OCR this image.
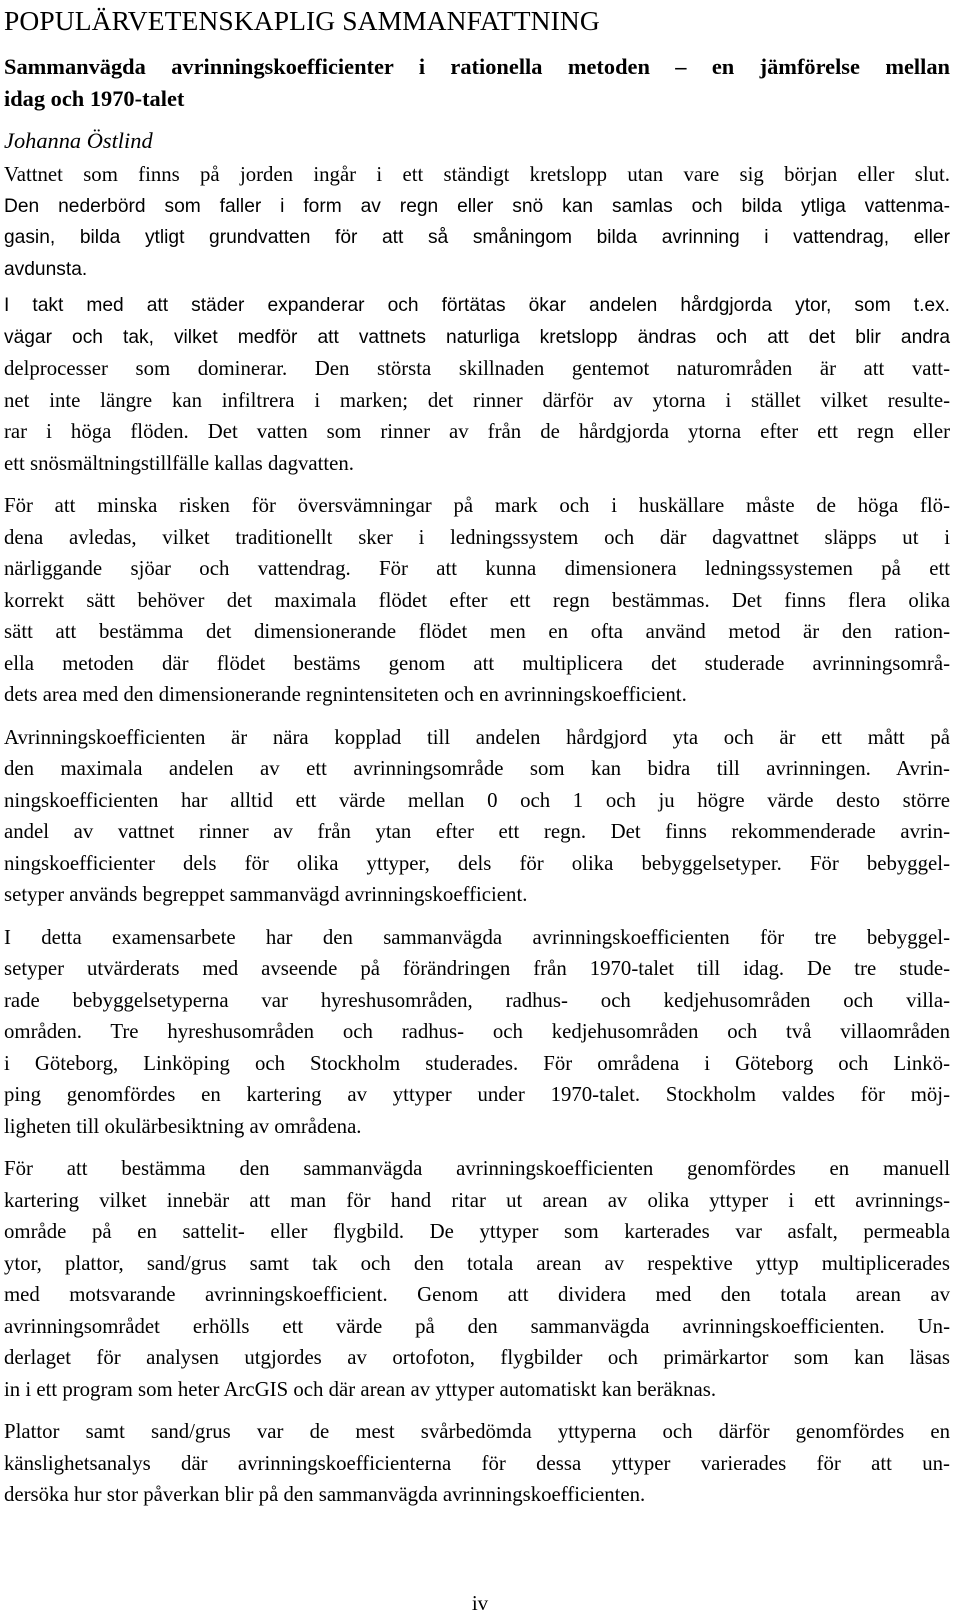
POPULÄRVETENSKAPLIG SAMMANFATTNING
Sammanvägda avrinningskoefficienter i rationella metoden – en jämförelse mellan
idag och 1970-talet
Johanna Östlind

Vattnet som finns på jorden ingår i ett ständigt kretslopp utan vare sig början eller slut.
Den nederbörd som faller i form av regn eller snö kan samlas och bilda ytliga vattenma-
gasin, bilda ytligt grundvatten för att så småningom bilda avrinning i vattendrag, eller
avdunsta.

I takt med att städer expanderar och förtätas ökar andelen hårdgjorda ytor, som t.ex.
vägar och tak, vilket medför att vattnets naturliga kretslopp ändras och att det blir andra
delprocesser som dominerar. Den största skillnaden gentemot naturområden är att vatt-
net inte längre kan infiltrera i marken; det rinner därför av ytorna i stället vilket resulte-
rar i höga flöden. Det vatten som rinner av från de hårdgjorda ytorna efter ett regn eller
ett snösmältningstillfälle kallas dagvatten.

För att minska risken för översvämningar på mark och i huskällare måste de höga flö-
dena avledas, vilket traditionellt sker i ledningssystem och där dagvattnet släpps ut i
närliggande sjöar och vattendrag. För att kunna dimensionera ledningssystemen på ett
korrekt sätt behöver det maximala flödet efter ett regn bestämmas. Det finns flera olika
sätt att bestämma det dimensionerande flödet men en ofta använd metod är den ration-
ella metoden där flödet bestäms genom att multiplicera det studerade avrinningsområ-
dets area med den dimensionerande regnintensiteten och en avrinningskoefficient.

Avrinningskoefficienten är nära kopplad till andelen hårdgjord yta och är ett mått på
den maximala andelen av ett avrinningsområde som kan bidra till avrinningen. Avrin-
ningskoefficienten har alltid ett värde mellan 0 och 1 och ju högre värde desto större
andel av vattnet rinner av från ytan efter ett regn. Det finns rekommenderade avrin-
ningskoefficienter dels för olika yttyper, dels för olika bebyggelsetyper. För bebyggel-
setyper används begreppet sammanvägd avrinningskoefficient.

I detta examensarbete har den sammanvägda avrinningskoefficienten för tre bebyggel-
setyper utvärderats med avseende på förändringen från 1970-talet till idag. De tre stude-
rade bebyggelsetyperna var hyreshusområden, radhus- och kedjehusområden och villa-
områden. Tre hyreshusområden och radhus- och kedjehusområden och två villaområden
i Göteborg, Linköping och Stockholm studerades. För områdena i Göteborg och Linkö-
ping genomfördes en kartering av yttyper under 1970-talet. Stockholm valdes för möj-
ligheten till okulärbesiktning av områdena.

För att bestämma den sammanvägda avrinningskoefficienten genomfördes en manuell
kartering vilket innebär att man för hand ritar ut arean av olika yttyper i ett avrinnings-
område på en sattelit- eller flygbild. De yttyper som karterades var asfalt, permeabla
ytor, plattor, sand/grus samt tak och den totala arean av respektive yttyp multiplicerades
med motsvarande avrinningskoefficient. Genom att dividera med den totala arean av
avrinningsområdet erhölls ett värde på den sammanvägda avrinningskoefficienten. Un-
derlaget för analysen utgjordes av ortofoton, flygbilder och primärkartor som kan läsas
in i ett program som heter ArcGIS och där arean av yttyper automatiskt kan beräknas.

Plattor samt sand/grus var de mest svårbedömda yttyperna och därför genomfördes en
känslighetsanalys där avrinningskoefficienterna för dessa yttyper varierades för att un-
dersöka hur stor påverkan blir på den sammanvägda avrinningskoefficienten.

iv
